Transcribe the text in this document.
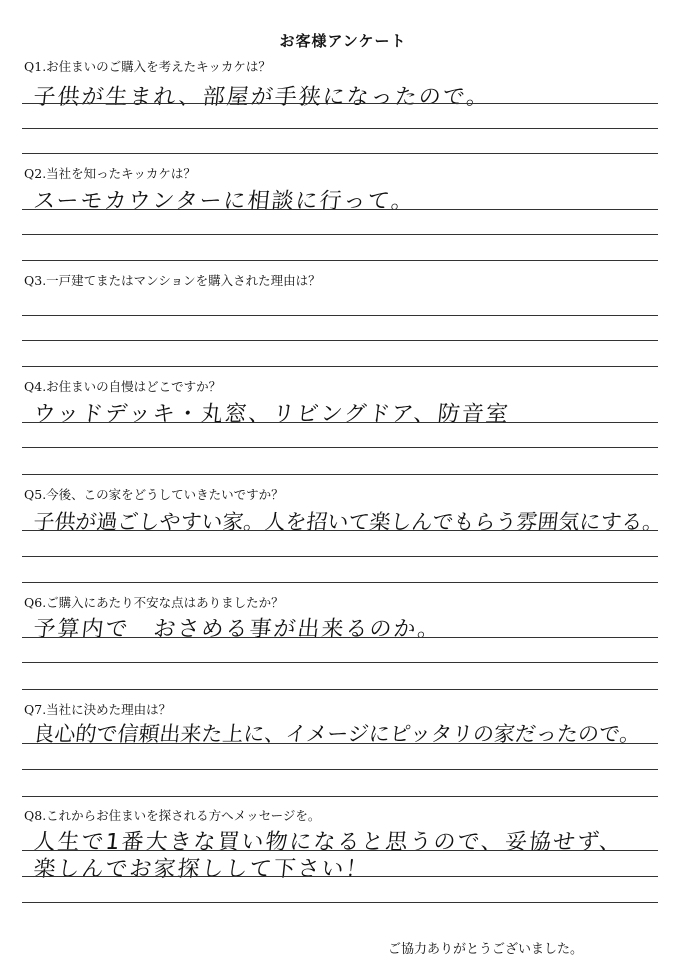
お客様アンケート
Q1.お住まいのご購入を考えたキッカケは？
子供が生まれ、部屋が手狭になったので。
Q2.当社を知ったキッカケは？
スーモカウンターに相談に行って。
Q3.一戸建てまたはマンションを購入された理由は？
Q4.お住まいの自慢はどこですか？
ウッドデッキ・丸窓、リビングドア、防音室
Q5.今後、この家をどうしていきたいですか？
子供が過ごしやすい家。人を招いて楽しんでもらう雰囲気にする。
Q6.ご購入にあたり不安な点はありましたか？
予算内で　おさめる事が出来るのか。
Q7.当社に決めた理由は？
良心的で信頼出来た上に、イメージにピッタリの家だったので。
Q8.これからお住まいを探される方へメッセージを。
人生で1番大きな買い物になると思うので、妥協せず、
楽しんでお家探しして下さい！
ご協力ありがとうございました。
